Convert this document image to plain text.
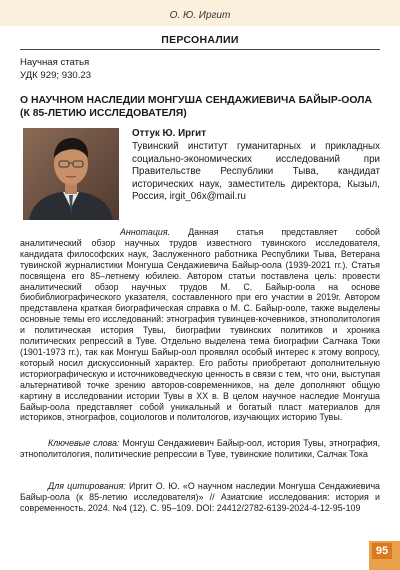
О. Ю. Иргит
ПЕРСОНАЛИИ
Научная статья
УДК 929; 930.23
О НАУЧНОМ НАСЛЕДИИ МОНГУША СЕНДАЖИЕВИЧА БАЙЫР-ООЛА (К 85-ЛЕТИЮ ИССЛЕДОВАТЕЛЯ)
Оттук Ю. Иргит
Тувинский институт гуманитарных и прикладных социально-экономических исследований при Правительстве Республики Тыва, кандидат исторических наук, заместитель директора, Кызыл, Россия, irgit_06x@mail.ru
Аннотация. Данная статья представляет собой аналитический обзор научных трудов известного тувинского исследователя, кандидата философских наук, Заслуженного работника Республики Тыва, Ветерана тувинской журналистики Монгуша Сендажиевича Байыр-оола (1939-2021 гг.). Статья посвящена его 85–летнему юбилею. Автором статьи поставлена цель: провести аналитический обзор научных трудов М. С. Байыр-оола на основе биобиблиографического указателя, составленного при его участии в 2019г. Автором представлена краткая биографическая справка о М. С. Байыр-ооле, также выделены основные темы его исследований: этнография тувинцев-кочевников, этнополитология и политическая история Тувы, биографии тувинских политиков и хроника политических репрессий в Туве. Отдельно выделена тема биографии Салчака Токи (1901-1973 гг.), так как Монгуш Байыр-оол проявлял особый интерес к этому вопросу, который носил дискуссионный характер. Его работы приобретают дополнительную историографическую и источниковедческую ценность в связи с тем, что они, выступая альтернативой точке зрению авторов-современников, на деле дополняют общую картину в исследовании истории Тувы в ХХ в. В целом научное наследие Монгуша Байыр-оола представляет собой уникальный и богатый пласт материалов для историков, этнографов, социологов и политологов, изучающих историю Тувы.
Ключевые слова: Монгуш Сендажиевич Байыр-оол, история Тувы, этнография, этнополитология, политические репрессии в Туве, тувинские политики, Салчак Тока
Для цитирования: Иргит О. Ю. «О научном наследии Монгуша Сендажиевича Байыр-оола (к 85-летию исследователя)» // Азиатские исследования: история и современность. 2024. №4 (12). С. 95–109. DOI: 24412/2782-6139-2024-4-12-95-109
95
